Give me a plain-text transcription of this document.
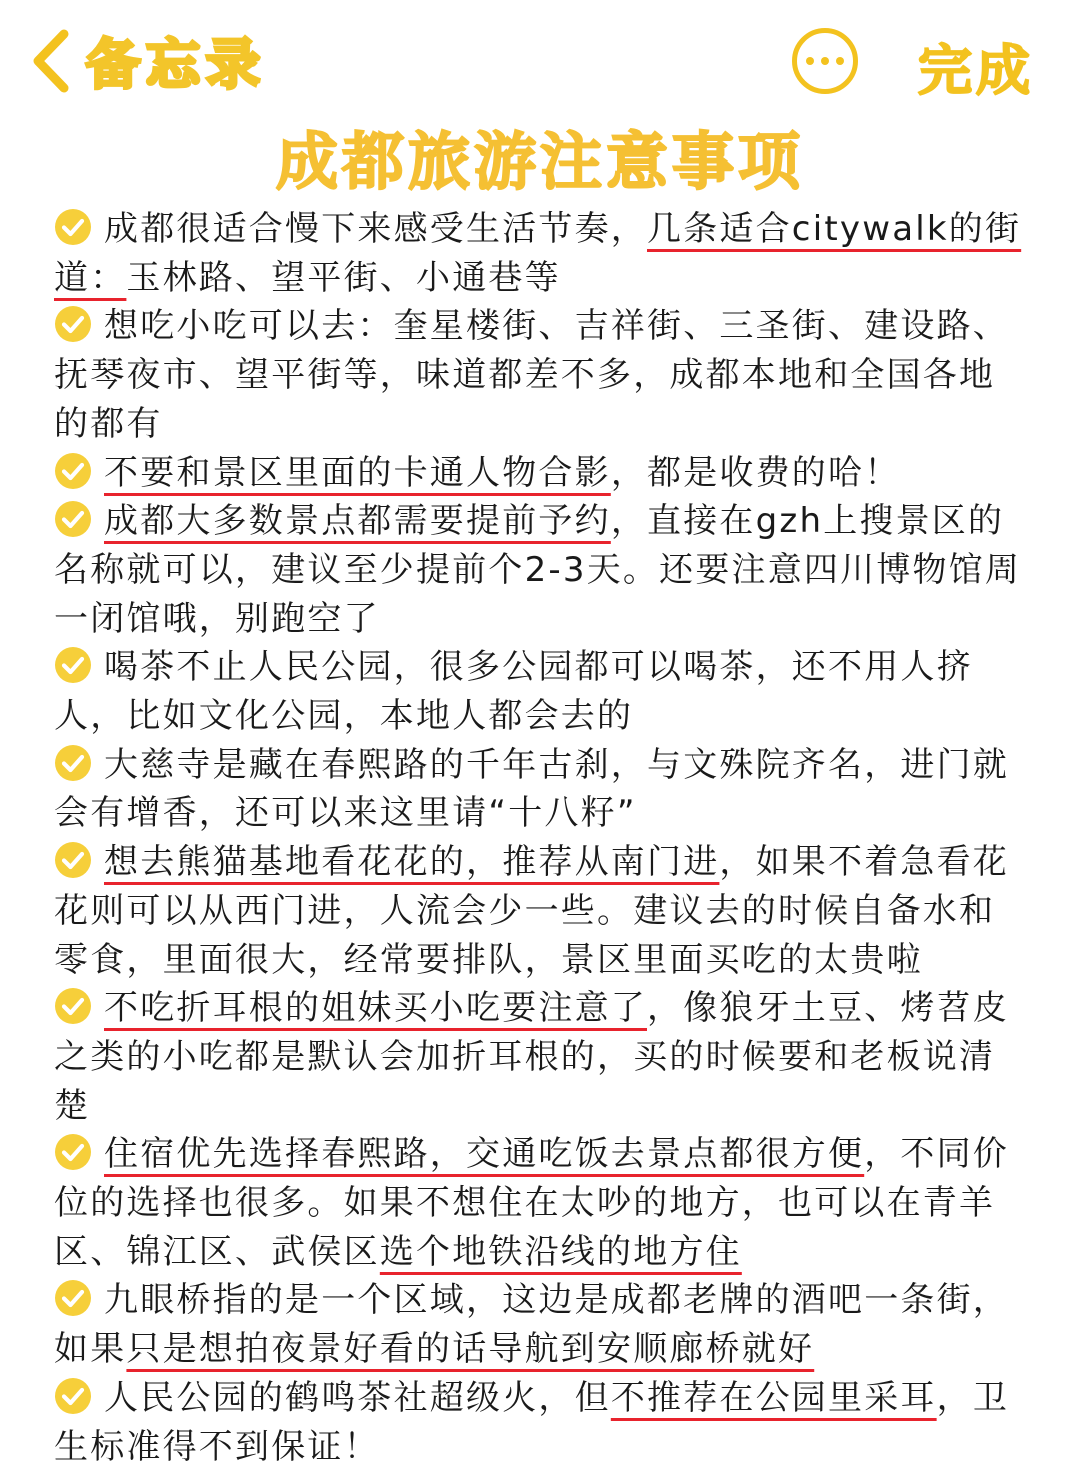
备忘录	完成
成都旅游注意事项

成都很适合慢下来感受生活节奏，几条适合citywalk的街道：玉林路、望平街、小通巷等

想吃小吃可以去：奎星楼街、吉祥街、三圣街、建设路、抚琴夜市、望平街等，味道都差不多，成都本地和全国各地的都有

不要和景区里面的卡通人物合影，都是收费的哈！

成都大多数景点都需要提前予约，直接在gzh上搜景区的名称就可以，建议至少提前个2-3天。还要注意四川博物馆周一闭馆哦，别跑空了

喝茶不止人民公园，很多公园都可以喝茶，还不用人挤人，比如文化公园，本地人都会去的

大慈寺是藏在春熙路的千年古刹，与文殊院齐名，进门就会有增香，还可以来这里请“十八籽”

想去熊猫基地看花花的，推荐从南门进，如果不着急看花花则可以从西门进，人流会少一些。建议去的时候自备水和零食，里面很大，经常要排队，景区里面买吃的太贵啦

不吃折耳根的姐妹买小吃要注意了，像狼牙土豆、烤苕皮之类的小吃都是默认会加折耳根的，买的时候要和老板说清楚

住宿优先选择春熙路，交通吃饭去景点都很方便，不同价位的选择也很多。如果不想住在太吵的地方，也可以在青羊区、锦江区、武侯区选个地铁沿线的地方住

九眼桥指的是一个区域，这边是成都老牌的酒吧一条街，如果只是想拍夜景好看的话导航到安顺廊桥就好

人民公园的鹤鸣茶社超级火，但不推荐在公园里采耳，卫生标准得不到保证！
